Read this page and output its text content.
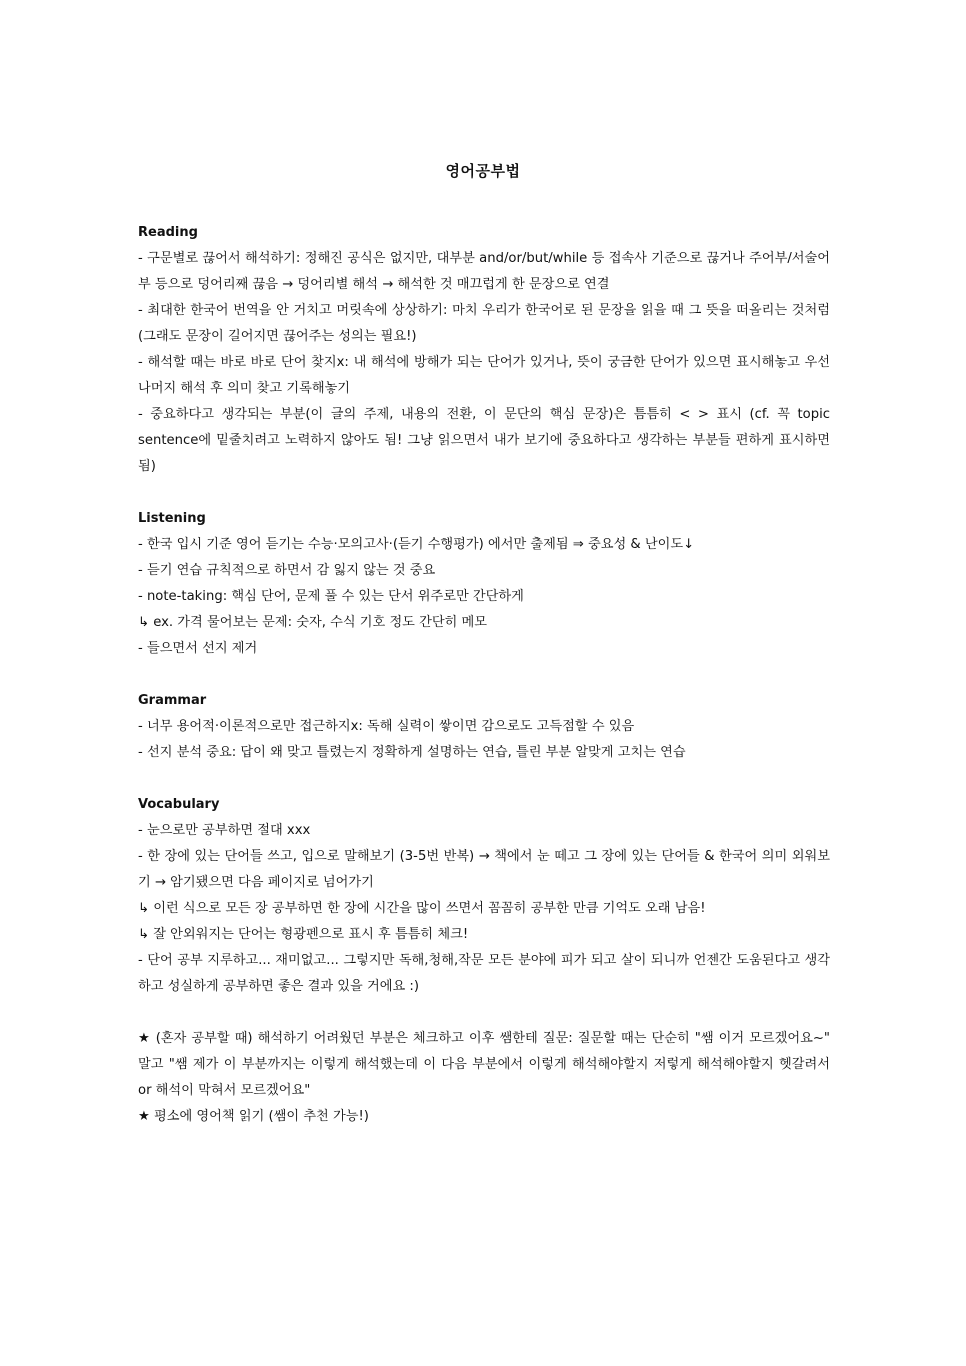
영어공부법
Reading
- 구문별로 끊어서 해석하기: 정해진 공식은 없지만, 대부분 and/or/but/while 등 접속사 기준으로 끊거나 주어부/서술어부 등으로 덩어리째 끊음 → 덩어리별 해석 → 해석한 것 매끄럽게 한 문장으로 연결
- 최대한 한국어 번역을 안 거치고 머릿속에 상상하기: 마치 우리가 한국어로 된 문장을 읽을 때 그 뜻을 떠올리는 것처럼 (그래도 문장이 길어지면 끊어주는 성의는 필요!)
- 해석할 때는 바로 바로 단어 찾지x: 내 해석에 방해가 되는 단어가 있거나, 뜻이 궁금한 단어가 있으면 표시해놓고 우선 나머지 해석 후 의미 찾고 기록해놓기
- 중요하다고 생각되는 부분(이 글의 주제, 내용의 전환, 이 문단의 핵심 문장)은 틈틈히 < > 표시 (cf. 꼭 topic sentence에 밑줄치려고 노력하지 않아도 됨! 그냥 읽으면서 내가 보기에 중요하다고 생각하는 부분들 편하게 표시하면 됨)
Listening
- 한국 입시 기준 영어 듣기는 수능·모의고사·(듣기 수행평가) 에서만 출제됨 ⇒ 중요성 & 난이도↓
- 듣기 연습 규칙적으로 하면서 감 잃지 않는 것 중요
- note-taking: 핵심 단어, 문제 풀 수 있는 단서 위주로만 간단하게
↳ ex. 가격 물어보는 문제: 숫자, 수식 기호 정도 간단히 메모
- 들으면서 선지 제거
Grammar
- 너무 용어적·이론적으로만 접근하지x: 독해 실력이 쌓이면 감으로도 고득점할 수 있음
- 선지 분석 중요: 답이 왜 맞고 틀렸는지 정확하게 설명하는 연습, 틀린 부분 알맞게 고치는 연습
Vocabulary
- 눈으로만 공부하면 절대 xxx
- 한 장에 있는 단어들 쓰고, 입으로 말해보기 (3-5번 반복) → 책에서 눈 떼고 그 장에 있는 단어들 & 한국어 의미 외워보기 → 암기됐으면 다음 페이지로 넘어가기
↳ 이런 식으로 모든 장 공부하면 한 장에 시간을 많이 쓰면서 꼼꼼히 공부한 만큼 기억도 오래 남음!
↳ 잘 안외워지는 단어는 형광펜으로 표시 후 틈틈히 체크!
- 단어 공부 지루하고... 재미없고... 그렇지만 독해,청해,작문 모든 분야에 피가 되고 살이 되니까 언젠간 도움된다고 생각하고 성실하게 공부하면 좋은 결과 있을 거에요 :)
★ (혼자 공부할 때) 해석하기 어려웠던 부분은 체크하고 이후 쌤한테 질문: 질문할 때는 단순히 "쌤 이거 모르겠어요~" 말고 "쌤 제가 이 부분까지는 이렇게 해석했는데 이 다음 부분에서 이렇게 해석해야할지 저렇게 해석해야할지 헷갈려서 or 해석이 막혀서 모르겠어요"
★ 평소에 영어책 읽기 (쌤이 추천 가능!)
